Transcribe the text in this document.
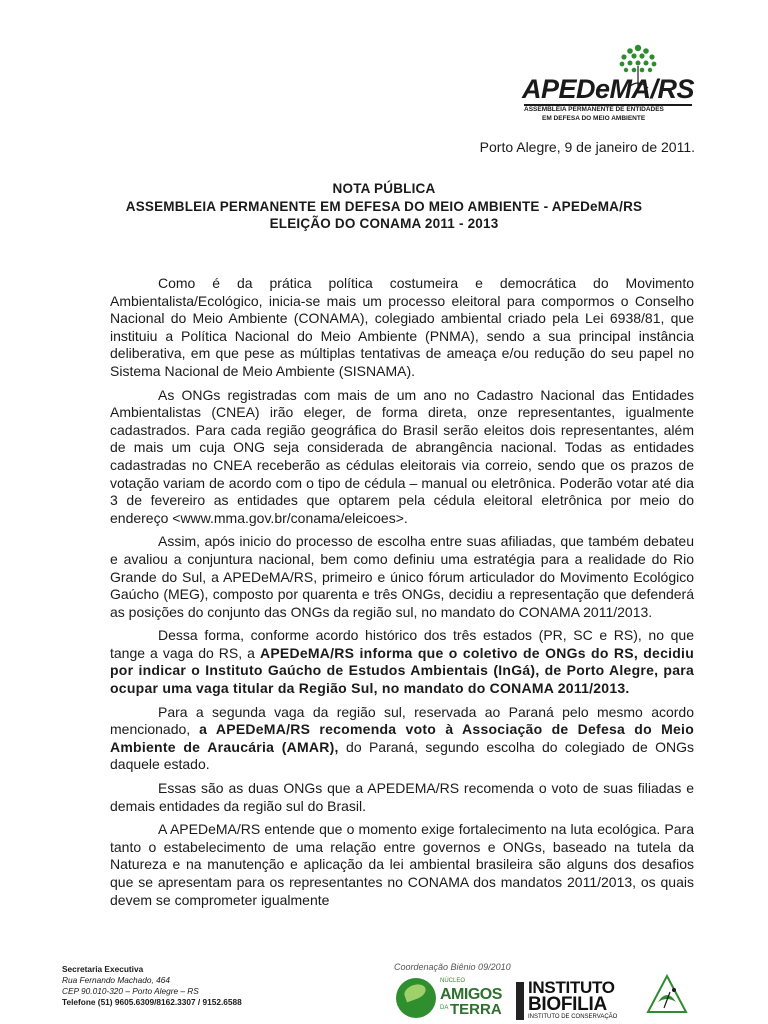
APEDeMA/RS
ASSEMBLÉIA PERMANENTE DE ENTIDADES
EM DEFESA DO MEIO AMBIENTE
Porto Alegre, 9 de janeiro de 2011.
NOTA PÚBLICA
ASSEMBLEIA PERMANENTE EM DEFESA DO MEIO AMBIENTE - APEDeMA/RS
ELEIÇÃO DO CONAMA 2011 - 2013

Como é da prática política costumeira e democrática do Movimento Ambientalista/Ecológico, inicia-se mais um processo eleitoral para compormos o Conselho Nacional do Meio Ambiente (CONAMA), colegiado ambiental criado pela Lei 6938/81, que instituiu a Política Nacional do Meio Ambiente (PNMA), sendo a sua principal instância deliberativa, em que pese as múltiplas tentativas de ameaça e/ou redução do seu papel no Sistema Nacional de Meio Ambiente (SISNAMA).

As ONGs registradas com mais de um ano no Cadastro Nacional das Entidades Ambientalistas (CNEA) irão eleger, de forma direta, onze representantes, igualmente cadastrados. Para cada região geográfica do Brasil serão eleitos dois representantes, além de mais um cuja ONG seja considerada de abrangência nacional. Todas as entidades cadastradas no CNEA receberão as cédulas eleitorais via correio, sendo que os prazos de votação variam de acordo com o tipo de cédula – manual ou eletrônica. Poderão votar até dia 3 de fevereiro as entidades que optarem pela cédula eleitoral eletrônica por meio do endereço <www.mma.gov.br/conama/eleicoes>.

Assim, após inicio do processo de escolha entre suas afiliadas, que também debateu e avaliou a conjuntura nacional, bem como definiu uma estratégia para a realidade do Rio Grande do Sul, a APEDeMA/RS, primeiro e único fórum articulador do Movimento Ecológico Gaúcho (MEG), composto por quarenta e três ONGs, decidiu a representação que defenderá as posições do conjunto das ONGs da região sul, no mandato do CONAMA 2011/2013.

Dessa forma, conforme acordo histórico dos três estados (PR, SC e RS), no que tange a vaga do RS, a APEDeMA/RS informa que o coletivo de ONGs do RS, decidiu por indicar o Instituto Gaúcho de Estudos Ambientais (InGá), de Porto Alegre, para ocupar uma vaga titular da Região Sul, no mandato do CONAMA 2011/2013.

Para a segunda vaga da região sul, reservada ao Paraná pelo mesmo acordo mencionado, a APEDeMA/RS recomenda voto à Associação de Defesa do Meio Ambiente de Araucária (AMAR), do Paraná, segundo escolha do colegiado de ONGs daquele estado.

Essas são as duas ONGs que a APEDEMA/RS recomenda o voto de suas filiadas e demais entidades da região sul do Brasil.

A APEDeMA/RS entende que o momento exige fortalecimento na luta ecológica. Para tanto o estabelecimento de uma relação entre governos e ONGs, baseado na tutela da Natureza e na manutenção e aplicação da lei ambiental brasileira são alguns dos desafios que se apresentam para os representantes no CONAMA dos mandatos 2011/2013, os quais devem se comprometer igualmente

Secretaria Executiva
Rua Fernando Machado, 464
CEP 90.010-320 – Porto Alegre – RS
Telefone (51) 9605.6309/8162.3307 / 9152.6588
Coordenação Biênio 09/2010
NÚCLEO
AMIGOS
DA TERRA
INSTITUTO
BIOFILIA
INSTITUTO DE CONSERVAÇÃO
